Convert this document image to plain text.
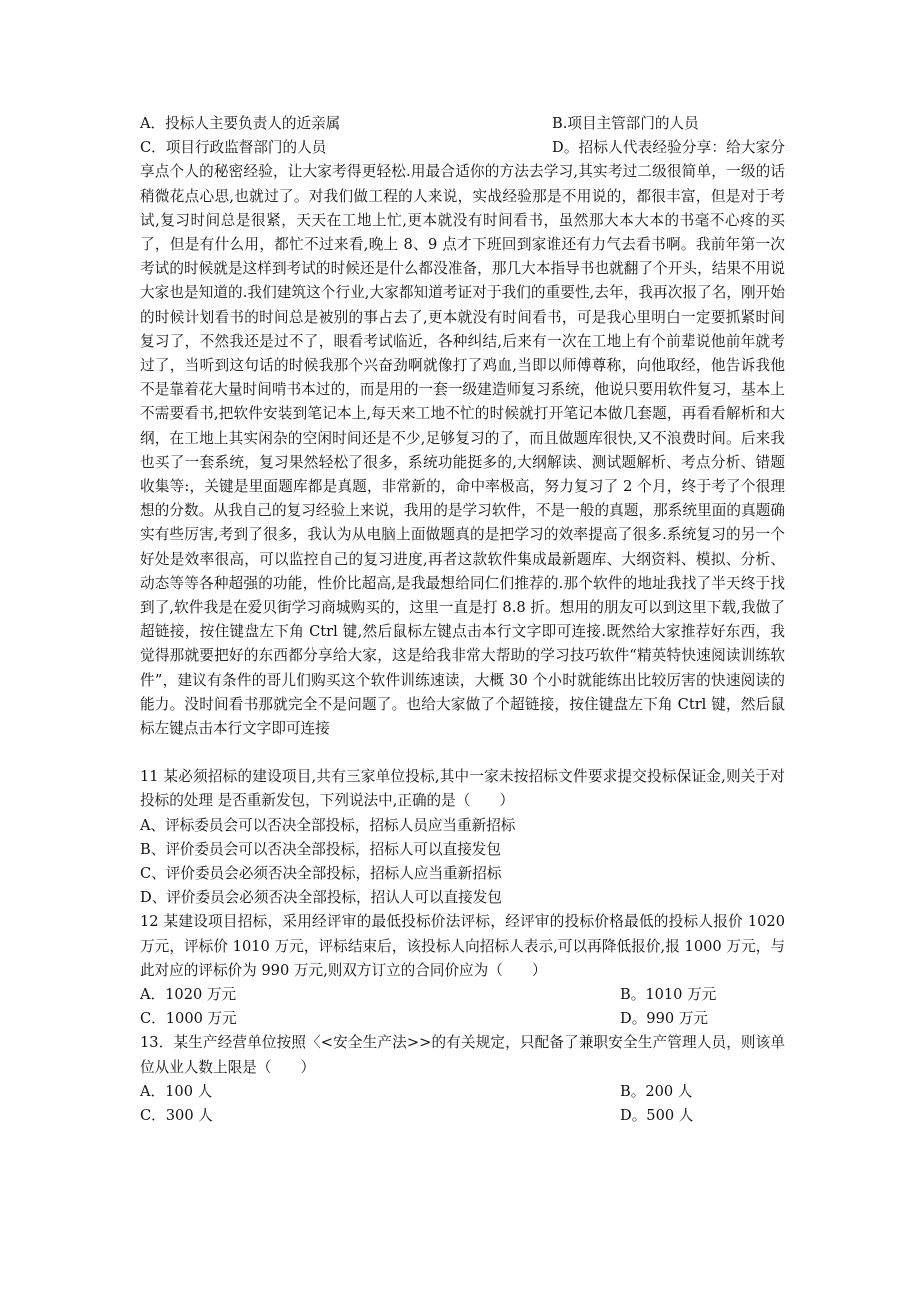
A．投标人主要负责人的近亲属	B.项目主管部门的人员
C．项目行政监督部门的人员	D。招标人代表经验分享：给大家分享点个人的秘密经验，让大家考得更轻松.用最合适你的方法去学习,其实考过二级很简单，一级的话稍微花点心思,也就过了。对我们做工程的人来说，实战经验那是不用说的，都很丰富，但是对于考试,复习时间总是很紧，天天在工地上忙,更本就没有时间看书，虽然那大本大本的书毫不心疼的买了，但是有什么用，都忙不过来看,晚上 8、9 点才下班回到家谁还有力气去看书啊。我前年第一次考试的时候就是这样到考试的时候还是什么都没准备，那几大本指导书也就翻了个开头，结果不用说大家也是知道的.我们建筑这个行业,大家都知道考证对于我们的重要性,去年，我再次报了名，刚开始的时候计划看书的时间总是被别的事占去了,更本就没有时间看书，可是我心里明白一定要抓紧时间复习了，不然我还是过不了，眼看考试临近，各种纠结,后来有一次在工地上有个前辈说他前年就考过了，当听到这句话的时候我那个兴奋劲啊就像打了鸡血,当即以师傅尊称，向他取经，他告诉我他不是靠着花大量时间啃书本过的，而是用的一套一级建造师复习系统，他说只要用软件复习，基本上不需要看书,把软件安装到笔记本上,每天来工地不忙的时候就打开笔记本做几套题，再看看解析和大纲，在工地上其实闲杂的空闲时间还是不少,足够复习的了，而且做题库很快,又不浪费时间。后来我也买了一套系统，复习果然轻松了很多，系统功能挺多的,大纲解读、测试题解析、考点分析、错题收集等:，关键是里面题库都是真题，非常新的，命中率极高，努力复习了 2 个月，终于考了个很理想的分数。从我自己的复习经验上来说，我用的是学习软件，不是一般的真题，那系统里面的真题确实有些厉害,考到了很多，我认为从电脑上面做题真的是把学习的效率提高了很多.系统复习的另一个好处是效率很高，可以监控自己的复习进度,再者这款软件集成最新题库、大纲资料、模拟、分析、动态等等各种超强的功能，性价比超高,是我最想给同仁们推荐的.那个软件的地址我找了半天终于找到了,软件我是在爱贝街学习商城购买的，这里一直是打 8.8 折。想用的朋友可以到这里下载,我做了超链接，按住键盘左下角 Ctrl 键,然后鼠标左键点击本行文字即可连接.既然给大家推荐好东西，我觉得那就要把好的东西都分享给大家，这是给我非常大帮助的学习技巧软件“精英特快速阅读训练软件”，建议有条件的哥儿们购买这个软件训练速读，大概 30 个小时就能练出比较厉害的快速阅读的能力。没时间看书那就完全不是问题了。也给大家做了个超链接，按住键盘左下角 Ctrl 键，然后鼠标左键点击本行文字即可连接
11 某必须招标的建设项目,共有三家单位投标,其中一家未按招标文件要求提交投标保证金,则关于对投标的处理 是否重新发包，下列说法中,正确的是（　　）
A、评标委员会可以否决全部投标，招标人员应当重新招标
B、评价委员会可以否决全部投标，招标人可以直接发包
C、评价委员会必须否决全部投标，招标人应当重新招标
D、评价委员会必须否决全部投标，招认人可以直接发包
12 某建设项目招标，采用经评审的最低投标价法评标，经评审的投标价格最低的投标人报价 1020 万元，评标价 1010 万元，评标结束后，该投标人向招标人表示,可以再降低报价,报 1000 万元，与此对应的评标价为 990 万元,则双方订立的合同价应为（　　）
A．1020 万元	B。1010 万元
C．1000 万元	D。990 万元
13．某生产经营单位按照〈<安全生产法>>的有关规定，只配备了兼职安全生产管理人员，则该单位从业人数上限是（　　）
A．100 人	B。200 人
C．300 人	D。500 人
